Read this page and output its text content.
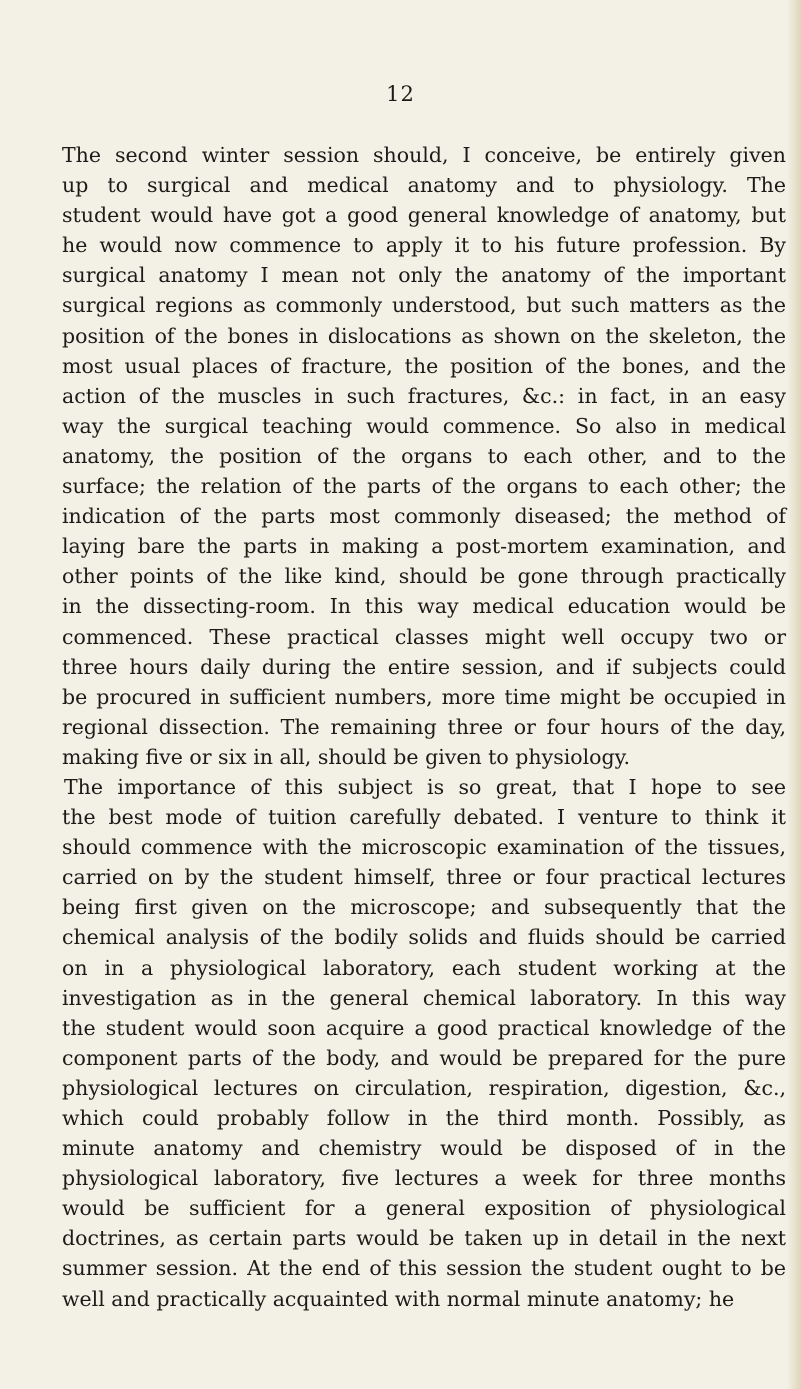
12
The second winter session should, I conceive, be entirely given
up to surgical and medical anatomy and to physiology. The
student would have got a good general knowledge of anatomy, but
he would now commence to apply it to his future profession. By
surgical anatomy I mean not only the anatomy of the important
surgical regions as commonly understood, but such matters as the
position of the bones in dislocations as shown on the skeleton, the
most usual places of fracture, the position of the bones, and the
action of the muscles in such fractures, &c.: in fact, in an easy
way the surgical teaching would commence. So also in medical
anatomy, the position of the organs to each other, and to the
surface; the relation of the parts of the organs to each other; the
indication of the parts most commonly diseased; the method of
laying bare the parts in making a post-mortem examination, and
other points of the like kind, should be gone through practically
in the dissecting-room. In this way medical education would be
commenced. These practical classes might well occupy two or
three hours daily during the entire session, and if subjects could
be procured in sufficient numbers, more time might be occupied in
regional dissection. The remaining three or four hours of the day,
making five or six in all, should be given to physiology.
The importance of this subject is so great, that I hope to see
the best mode of tuition carefully debated. I venture to think it
should commence with the microscopic examination of the tissues,
carried on by the student himself, three or four practical lectures
being first given on the microscope; and subsequently that the
chemical analysis of the bodily solids and fluids should be carried
on in a physiological laboratory, each student working at the
investigation as in the general chemical laboratory. In this way
the student would soon acquire a good practical knowledge of the
component parts of the body, and would be prepared for the pure
physiological lectures on circulation, respiration, digestion, &c.,
which could probably follow in the third month. Possibly, as
minute anatomy and chemistry would be disposed of in the
physiological laboratory, five lectures a week for three months
would be sufficient for a general exposition of physiological
doctrines, as certain parts would be taken up in detail in the next
summer session. At the end of this session the student ought to be
well and practically acquainted with normal minute anatomy; he
